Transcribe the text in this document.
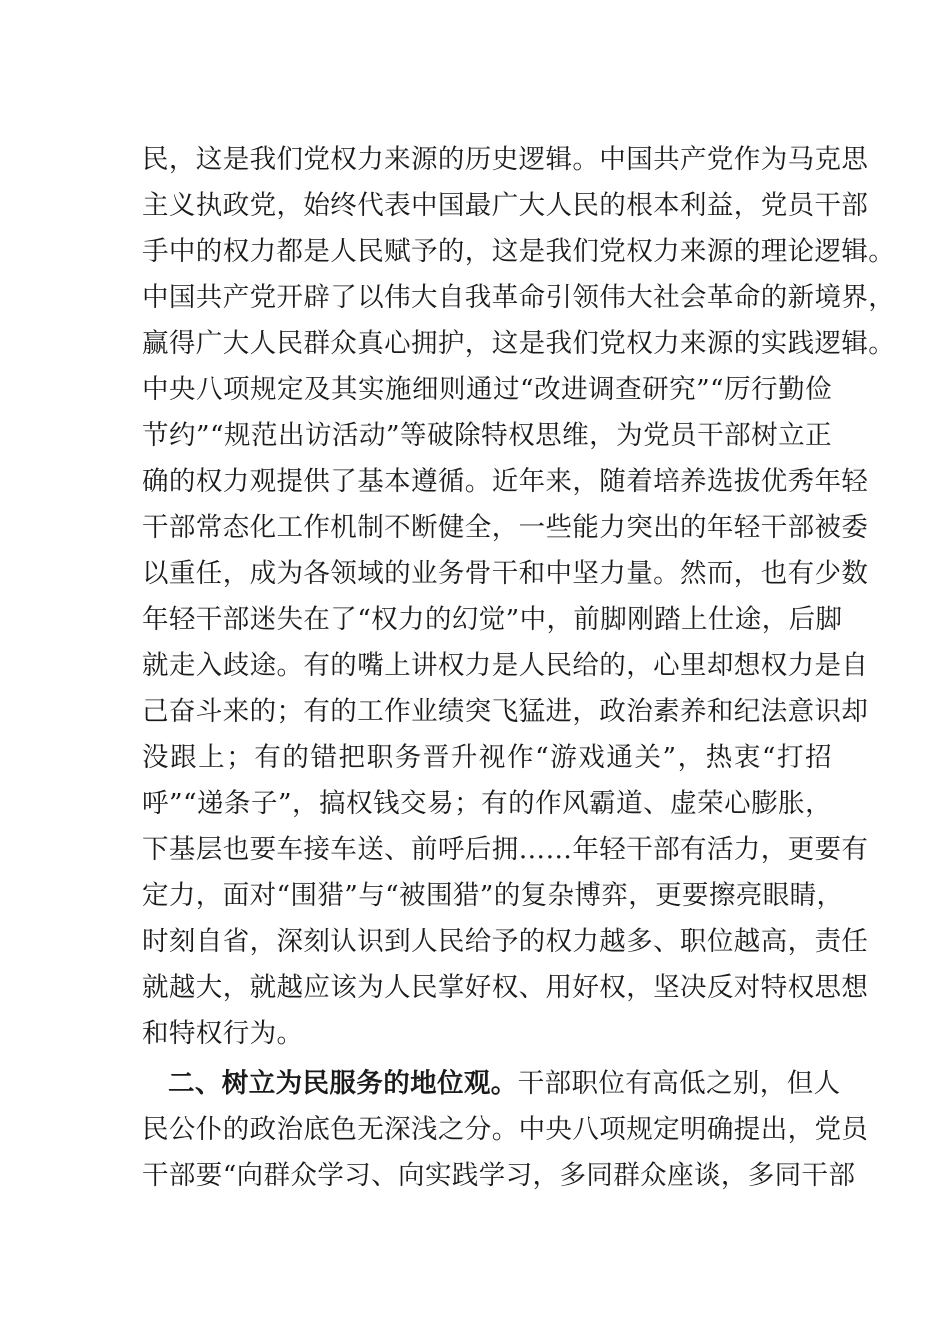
民，这是我们党权力来源的历史逻辑。中国共产党作为马克思
主义执政党，始终代表中国最广大人民的根本利益，党员干部
手中的权力都是人民赋予的，这是我们党权力来源的理论逻辑。
中国共产党开辟了以伟大自我革命引领伟大社会革命的新境界，
赢得广大人民群众真心拥护，这是我们党权力来源的实践逻辑。
中央八项规定及其实施细则通过“改进调查研究”“厉行勤俭
节约”“规范出访活动”等破除特权思维，为党员干部树立正
确的权力观提供了基本遵循。近年来，随着培养选拔优秀年轻
干部常态化工作机制不断健全，一些能力突出的年轻干部被委
以重任，成为各领域的业务骨干和中坚力量。然而，也有少数
年轻干部迷失在了“权力的幻觉”中，前脚刚踏上仕途，后脚
就走入歧途。有的嘴上讲权力是人民给的，心里却想权力是自
己奋斗来的；有的工作业绩突飞猛进，政治素养和纪法意识却
没跟上；有的错把职务晋升视作“游戏通关”，热衷“打招
呼”“递条子”，搞权钱交易；有的作风霸道、虚荣心膨胀，
下基层也要车接车送、前呼后拥……年轻干部有活力，更要有
定力，面对“围猎”与“被围猎”的复杂博弈，更要擦亮眼睛，
时刻自省，深刻认识到人民给予的权力越多、职位越高，责任
就越大，就越应该为人民掌好权、用好权，坚决反对特权思想
和特权行为。
二、树立为民服务的地位观。干部职位有高低之别，但人
民公仆的政治底色无深浅之分。中央八项规定明确提出，党员
干部要“向群众学习、向实践学习，多同群众座谈，多同干部
